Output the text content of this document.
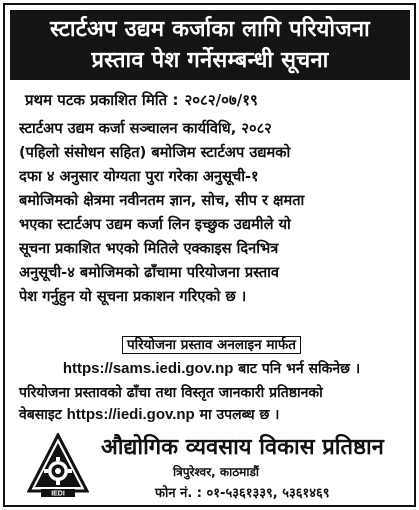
स्टार्टअप उद्यम कर्जाका लागि परियोजना
प्रस्ताव पेश गर्नेसम्बन्धी सूचना
प्रथम पटक प्रकाशित मिति : २०८२/०७/१९
स्टार्टअप उद्यम कर्जा सञ्चालन कार्यविधि, २०८२
(पहिलो संसोधन सहित) बमोजिम स्टार्टअप उद्यमको
दफा ४ अनुसार योग्यता पुरा गरेका अनुसूची-१
बमोजिमको क्षेत्रमा नवीनतम ज्ञान, सोच, सीप र क्षमता
भएका स्टार्टअप उद्यम कर्जा लिन इच्छुक उद्यमीले यो
सूचना प्रकाशित भएको मितिले एक्काइस दिनभित्र
अनुसूची-४ बमोजिमको ढाँचामा परियोजना प्रस्ताव
पेश गर्नुहुन यो सूचना प्रकाशन गरिएको छ ।
परियोजना प्रस्ताव अनलाइन मार्फत
https://sams.iedi.gov.np बाट पनि भर्न सकिनेछ ।
परियोजना प्रस्तावको ढाँचा तथा विस्तृत जानकारी प्रतिष्ठानको
वेबसाइट https://iedi.gov.np मा उपलब्ध छ ।
IEDI
औद्योगिक व्यवसाय विकास प्रतिष्ठान
त्रिपुरेश्वर, काठमाडौं
फोन नं. : ०१-५३६१३३९, ५३६१४६९
